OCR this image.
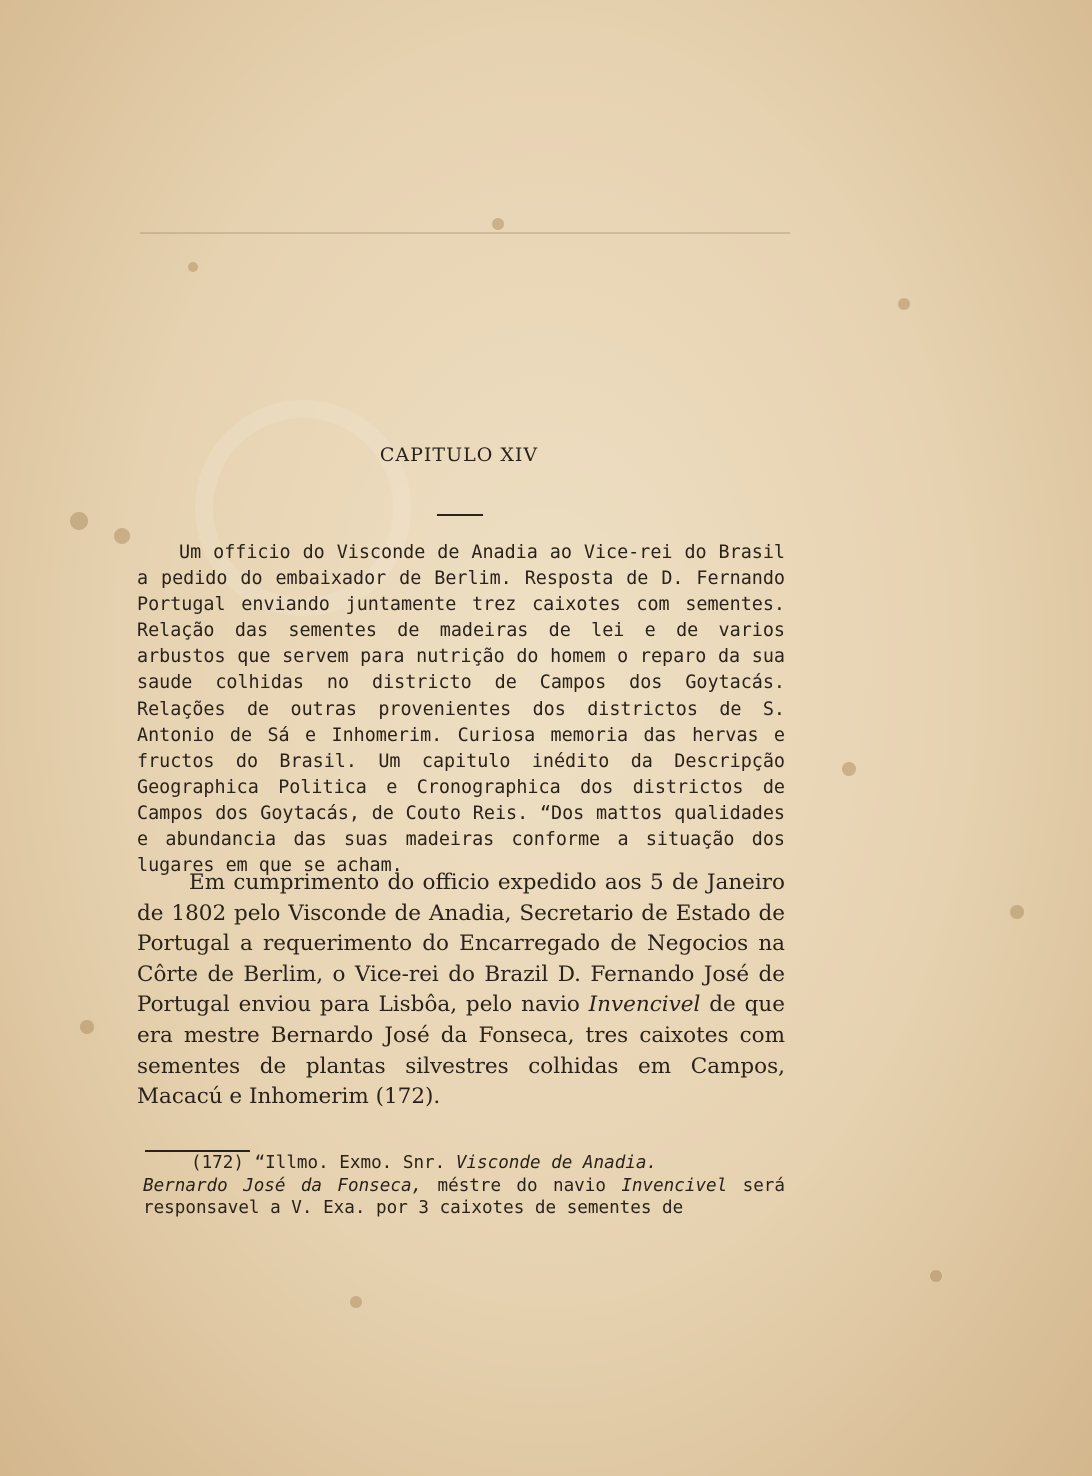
CAPITULO XIV

Um officio do Visconde de Anadia ao Vice-rei do Brasil a pedido do embaixador de Berlim. Resposta de D. Fernando Portugal enviando juntamente trez caixotes com sementes. Relação das sementes de madeiras de lei e de varios arbustos que servem para nutrição do homem o reparo da sua saude colhidas no districto de Campos dos Goytacás. Relações de outras provenientes dos districtos de S. Antonio de Sá e Inhomerim. Curiosa memoria das hervas e fructos do Brasil. Um capitulo inédito da Descripção Geographica Politica e Cronographica dos districtos de Campos dos Goytacás, de Couto Reis. “Dos mattos qualidades e abundancia das suas madeiras conforme a situação dos lugares em que se acham.

Em cumprimento do officio expedido aos 5 de Janeiro de 1802 pelo Visconde de Anadia, Secretario de Estado de Portugal a requerimento do Encarregado de Negocios na Côrte de Berlim, o Vice-rei do Brazil D. Fernando José de Portugal enviou para Lisbôa, pelo navio Invencivel de que era mestre Bernardo José da Fonseca, tres caixotes com sementes de plantas silvestres colhidas em Campos, Macacú e Inhomerim (172).

(172) “Illmo. Exmo. Snr. Visconde de Anadia.
Bernardo José da Fonseca, méstre do navio Invencivel será responsavel a V. Exa. por 3 caixotes de sementes de
